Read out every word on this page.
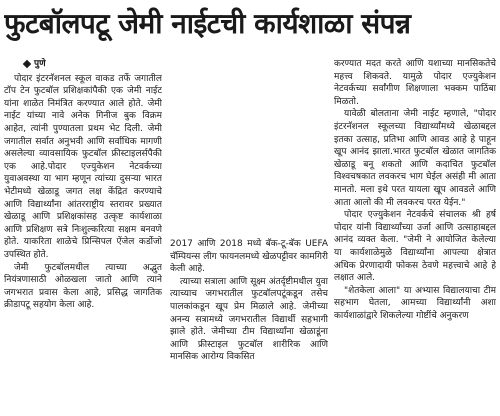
फुटबॉलपटू जेमी नाईटची कार्यशाळा संपन्न
पुणे

पोदार इंटरनॅशनल स्कूल वाकड तर्फे जगातील टॉप टेन फुटबॉल प्रशिक्षकांपैकी एक जेमी नाईट यांना शाळेत निमंत्रित करण्यात आले होते. जेमी नाईट यांच्या नावे अनेक गिनीज बुक विक्रम आहेत, त्यांनी पुण्यातला प्रथम भेट दिली. जेमी जगातील सर्वात अनुभवी आणि सर्वाधिक मागणी असलेल्या व्यावसायिक फुटबॉल फ्रीस्टाइलर्सपैकी एक आहे.पोदार एज्युकेशन नेटवर्कच्या युवाअवस्था या भाग म्हणून त्यांच्या दुसऱ्या भारत भेटीमध्ये खेळाडू जगत लक्ष केंद्रित करण्याचे आणि विद्यार्थ्यांना आंतरराष्ट्रीय स्तरावर प्रख्यात खेळाडू आणि प्रशिक्षकांसह उत्कृष्ट कार्यशाळा आणि प्रशिक्षण सत्रे निःशुल्करित्या सक्षम बनवणे होते. याकरिता शाळेचे प्रिन्सिपल ऐंजेल कर्डोजो उपस्थित होते.

जेमी फुटबॉलमधील त्याच्या अद्भुत नियंत्रणासाठी ओळखला जातो आणि त्याने जगभरात प्रवास केला आहे, प्रसिद्ध जागतिक क्रीडापटू सहयोग केला आहे.

2017 आणि 2018 मध्ये बॅक-टू-बॅक UEFA चॅम्पियन्स लीग फायनलमध्ये खेळपट्टीवर कामगिरी केली आहे.

त्याच्या सत्राला आणि सूक्ष्म अंतर्दृष्टीमधील युवा त्याच्याच जगभरातील फुटबॉलपटूंकडून तसेच पालकांकडून खूप प्रेम मिळाले आहे. जेमीच्या अनन्य सत्रामध्ये जगभरातील विद्यार्थी सहभागी झाले होते. जेमीच्या टीम विद्यार्थ्यांना खेळाडूंना आणि फ्रीस्टाइल फुटबॉल शारीरिक आणि मानसिक आरोग्य विकसित

करण्यात मदत करते आणि यशाच्या मानसिकतेचे महत्त्व शिकवते. यामुळे पोदार एज्युकेशन नेटवर्कच्या सर्वांगीण शिक्षणाला भक्कम पाठिंबा मिळतो.

यावेळी बोलताना जेमी नाईट म्हणाले, "पोदार इंटरनॅशनल स्कूलच्या विद्यार्थ्यांमध्ये खेळाबद्दल इतका उत्साह, प्रतिभा आणि आवड आहे हे पाहून खूप आनंद झाला.भारत फुटबॉल खेळात जागतिक खेळाडू बनू शकतो आणि कदाचित फुटबॉल विश्वचषकात लवकरच भाग घेईल असंही मी आता मानतो. मला इथे परत यायला खूप आवडले आणि आता आलो की मी लवकरच परत येईन."

पोदार एज्युकेशन नेटवर्कचे संचालक श्री हर्ष पोदार यांनी विद्यार्थ्यांच्या उर्जा आणि उत्साहाबद्दल आनंद व्यक्त केला. "जेमी ने आयोजित केलेल्या या कार्यशाळेमुळे विद्यार्थ्यांना आपल्या क्षेत्रात अधिक प्रेरणादायी फोकस ठेवणे महत्त्वाचे आहे हे लक्षात आले.

"शेतकेला आला" या अभ्यास विद्यालयाचा टीम सहभाग घेतला, आमच्या विद्यार्थ्यांनी अशा कार्यशाळांद्वारे शिकलेल्या गोष्टींचे अनुकरण
